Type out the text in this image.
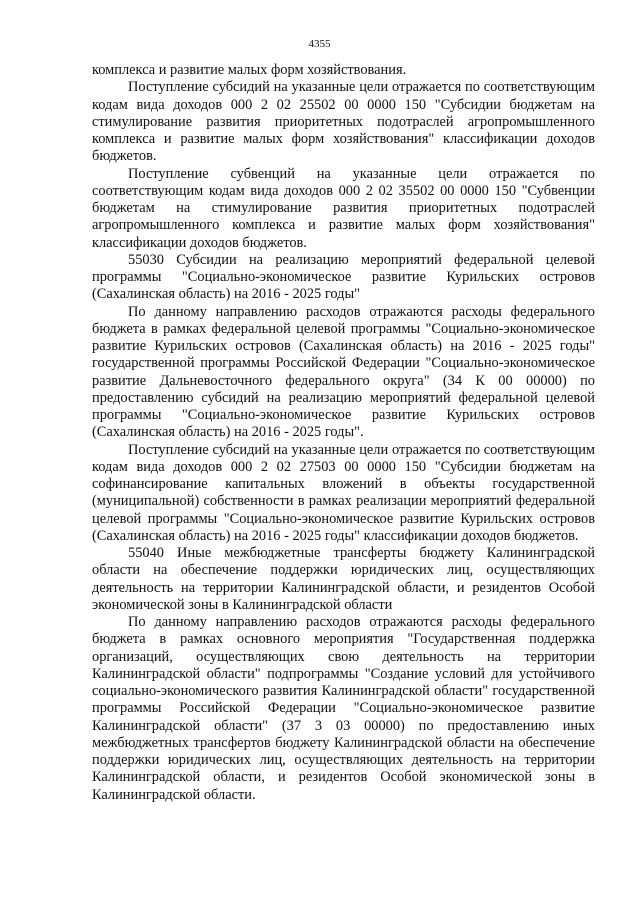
4355

комплекса и развитие малых форм хозяйствования.

Поступление субсидий на указанные цели отражается по соответствующим кодам вида доходов 000 2 02 25502 00 0000 150 "Субсидии бюджетам на стимулирование развития приоритетных подотраслей агропромышленного комплекса и развитие малых форм хозяйствования" классификации доходов бюджетов.

Поступление субвенций на указанные цели отражается по соответствующим кодам вида доходов 000 2 02 35502 00 0000 150 "Субвенции бюджетам на стимулирование развития приоритетных подотраслей агропромышленного комплекса и развитие малых форм хозяйствования" классификации доходов бюджетов.

55030 Субсидии на реализацию мероприятий федеральной целевой программы "Социально-экономическое развитие Курильских островов (Сахалинская область) на 2016 - 2025 годы"

По данному направлению расходов отражаются расходы федерального бюджета в рамках федеральной целевой программы "Социально-экономическое развитие Курильских островов (Сахалинская область) на 2016 - 2025 годы" государственной программы Российской Федерации "Социально-экономическое развитие Дальневосточного федерального округа" (34 К 00 00000) по предоставлению субсидий на реализацию мероприятий федеральной целевой программы "Социально-экономическое развитие Курильских островов (Сахалинская область) на 2016 - 2025 годы".

Поступление субсидий на указанные цели отражается по соответствующим кодам вида доходов 000 2 02 27503 00 0000 150 "Субсидии бюджетам на софинансирование капитальных вложений в объекты государственной (муниципальной) собственности в рамках реализации мероприятий федеральной целевой программы "Социально-экономическое развитие Курильских островов (Сахалинская область) на 2016 - 2025 годы" классификации доходов бюджетов.

55040 Иные межбюджетные трансферты бюджету Калининградской области на обеспечение поддержки юридических лиц, осуществляющих деятельность на территории Калининградской области, и резидентов Особой экономической зоны в Калининградской области

По данному направлению расходов отражаются расходы федерального бюджета в рамках основного мероприятия "Государственная поддержка организаций, осуществляющих свою деятельность на территории Калининградской области" подпрограммы "Создание условий для устойчивого социально-экономического развития Калининградской области" государственной программы Российской Федерации "Социально-экономическое развитие Калининградской области" (37 3 03 00000) по предоставлению иных межбюджетных трансфертов бюджету Калининградской области на обеспечение поддержки юридических лиц, осуществляющих деятельность на территории Калининградской области, и резидентов Особой экономической зоны в Калининградской области.
